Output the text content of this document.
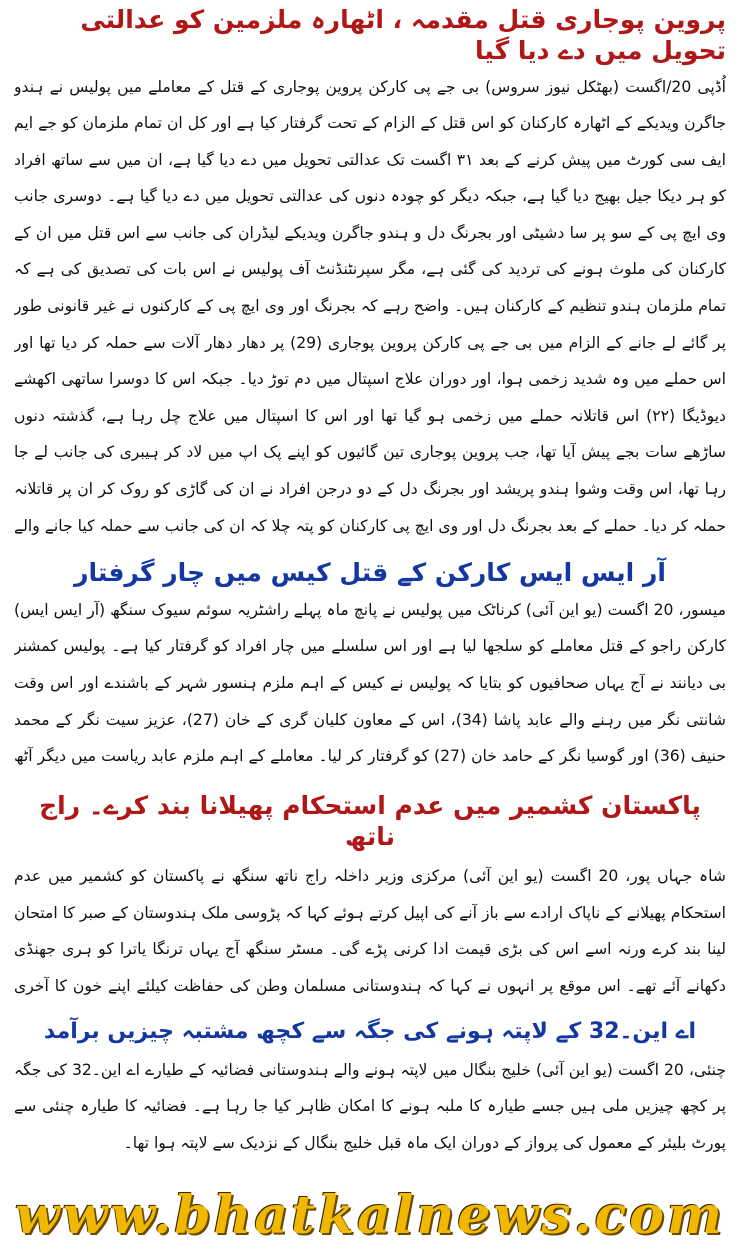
پروین پوجاری قتل مقدمہ ، اٹھارہ ملزمین کو عدالتی تحویل میں دے دیا گیا

اُڈپی 20/اگست (بھٹکل نیوز سروس) بی جے پی کارکن پروین پوجاری کے قتل کے معاملے میں پولیس نے ہندو جاگرن ویدیکے کے اٹھارہ کارکنان کو اس قتل کے الزام کے تحت گرفتار کیا ہے اور کل ان تمام ملزمان کو جے ایم ایف سی کورٹ میں پیش کرنے کے بعد ۳۱ اگست تک عدالتی تحویل میں دے دیا گیا ہے، ان میں سے ساتھ افراد کو ہر دیکا جیل بھیج دیا گیا ہے، جبکہ دیگر کو چودہ دنوں کی عدالتی تحویل میں دے دیا گیا ہے۔ دوسری جانب وی ایچ پی کے سو پر سا دشیٹی اور بجرنگ دل و ہندو جاگرن ویدیکے لیڈران کی جانب سے اس قتل میں ان کے کارکنان کی ملوث ہونے کی تردید کی گئی ہے، مگر سپرنٹنڈنٹ آف پولیس نے اس بات کی تصدیق کی ہے کہ تمام ملزمان ہندو تنظیم کے کارکنان ہیں۔ واضح رہے کہ بجرنگ اور وی ایچ پی کے کارکنوں نے غیر قانونی طور پر گائے لے جانے کے الزام میں بی جے پی کارکن پروین پوجاری (29) پر دھار دھار آلات سے حملہ کر دیا تھا اور اس حملے میں وہ شدید زخمی ہوا، اور دوران علاج اسپتال میں دم توڑ دیا۔ جبکہ اس کا دوسرا ساتھی اکھشے دیوڈیگا (۲۲) اس قاتلانہ حملے میں زخمی ہو گیا تھا اور اس کا اسپتال میں علاج چل رہا ہے، گذشتہ دنوں ساڑھے سات بجے پیش آیا تھا، جب پروین پوجاری تین گائیوں کو اپنے پک اپ میں لاد کر ہیبری کی جانب لے جا رہا تھا، اس وقت وشوا ہندو پریشد اور بجرنگ دل کے دو درجن افراد نے ان کی گاڑی کو روک کر ان پر قاتلانہ حملہ کر دیا۔ حملے کے بعد بجرنگ دل اور وی ایچ پی کارکنان کو پتہ چلا کہ ان کی جانب سے حملہ کیا جانے والے

آر ایس ایس کارکن کے قتل کیس میں چار گرفتار

میسور، 20 اگست (یو این آئی) کرناٹک میں پولیس نے پانچ ماہ پہلے راشٹریہ سوئم سیوک سنگھ (آر ایس ایس) کارکن راجو کے قتل معاملے کو سلجھا لیا ہے اور اس سلسلے میں چار افراد کو گرفتار کیا ہے۔ پولیس کمشنر بی دیانند نے آج یہاں صحافیوں کو بتایا کہ پولیس نے کیس کے اہم ملزم ہنسور شہر کے باشندے اور اس وقت شانتی نگر میں رہنے والے عابد پاشا (34)، اس کے معاون کلیان گری کے خان (27)، عزیز سیت نگر کے محمد حنیف (36) اور گوسیا نگر کے حامد خان (27) کو گرفتار کر لیا۔ معاملے کے اہم ملزم عابد ریاست میں دیگر آٹھ

پاکستان کشمیر میں عدم استحکام پھیلانا بند کرے۔ راج ناتھ

شاہ جہاں پور، 20 اگست (یو این آئی) مرکزی وزیر داخلہ راج ناتھ سنگھ نے پاکستان کو کشمیر میں عدم استحکام پھیلانے کے ناپاک ارادے سے باز آنے کی اپیل کرتے ہوئے کہا کہ پڑوسی ملک ہندوستان کے صبر کا امتحان لینا بند کرے ورنہ اسے اس کی بڑی قیمت ادا کرنی پڑے گی۔ مسٹر سنگھ آج یہاں ترنگا یاترا کو ہری جھنڈی دکھانے آئے تھے۔ اس موقع پر انہوں نے کہا کہ ہندوستانی مسلمان وطن کی حفاظت کیلئے اپنے خون کا آخری

اے این۔32 کے لاپتہ ہونے کی جگہ سے کچھ مشتبہ چیزیں برآمد

چنئی، 20 اگست (یو این آئی) خلیج بنگال میں لاپتہ ہونے والے ہندوستانی فضائیہ کے طیارے اے این۔32 کی جگہ پر کچھ چیزیں ملی ہیں جسے طیارہ کا ملبہ ہونے کا امکان ظاہر کیا جا رہا ہے۔ فضائیہ کا طیارہ چنئی سے پورٹ بلیئر کے معمول کی پرواز کے دوران ایک ماہ قبل خلیج بنگال کے نزدیک سے لاپتہ ہوا تھا۔

www.bhatkalnews.com
